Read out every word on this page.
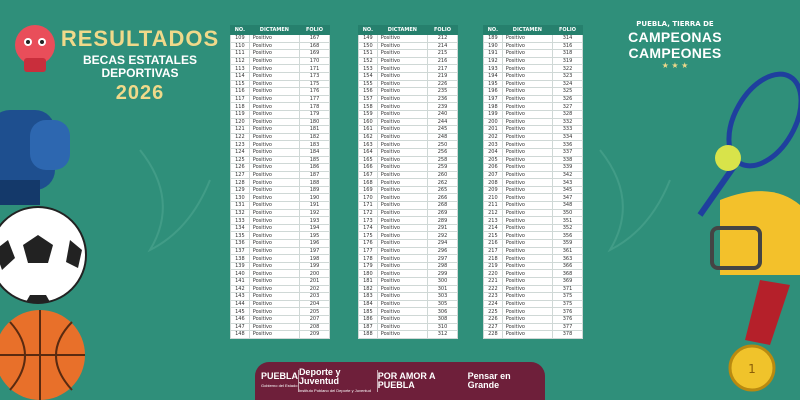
1
RESULTADOS
BECAS ESTATALES
DEPORTIVAS
2026
PUEBLA, TIERRA DE
CAMPEONAS CAMPEONES
★ ★ ★
NO.	DICTAMEN	FOLIO
109	Positivo	167
110	Positivo	168
111	Positivo	169
112	Positivo	170
113	Positivo	171
114	Positivo	173
115	Positivo	175
116	Positivo	176
117	Positivo	177
118	Positivo	178
119	Positivo	179
120	Positivo	180
121	Positivo	181
122	Positivo	182
123	Positivo	183
124	Positivo	184
125	Positivo	185
126	Positivo	186
127	Positivo	187
128	Positivo	188
129	Positivo	189
130	Positivo	190
131	Positivo	191
132	Positivo	192
133	Positivo	193
134	Positivo	194
135	Positivo	195
136	Positivo	196
137	Positivo	197
138	Positivo	198
139	Positivo	199
140	Positivo	200
141	Positivo	201
142	Positivo	202
143	Positivo	203
144	Positivo	204
145	Positivo	205
146	Positivo	207
147	Positivo	208
148	Positivo	209
NO.	DICTAMEN	FOLIO
149	Positivo	212
150	Positivo	214
151	Positivo	215
152	Positivo	216
153	Positivo	217
154	Positivo	219
155	Positivo	226
156	Positivo	235
157	Positivo	236
158	Positivo	239
159	Positivo	240
160	Positivo	244
161	Positivo	245
162	Positivo	248
163	Positivo	250
164	Positivo	256
165	Positivo	258
166	Positivo	259
167	Positivo	260
168	Positivo	262
169	Positivo	265
170	Positivo	266
171	Positivo	268
172	Positivo	269
173	Positivo	289
174	Positivo	291
175	Positivo	292
176	Positivo	294
177	Positivo	296
178	Positivo	297
179	Positivo	298
180	Positivo	299
181	Positivo	300
182	Positivo	301
183	Positivo	303
184	Positivo	305
185	Positivo	306
186	Positivo	308
187	Positivo	310
188	Positivo	312
NO.	DICTAMEN	FOLIO
189	Positivo	314
190	Positivo	316
191	Positivo	318
192	Positivo	319
193	Positivo	322
194	Positivo	323
195	Positivo	324
196	Positivo	325
197	Positivo	326
198	Positivo	327
199	Positivo	328
200	Positivo	332
201	Positivo	333
202	Positivo	334
203	Positivo	336
204	Positivo	337
205	Positivo	338
206	Positivo	339
207	Positivo	342
208	Positivo	343
209	Positivo	345
210	Positivo	347
211	Positivo	348
212	Positivo	350
213	Positivo	351
214	Positivo	352
215	Positivo	356
216	Positivo	359
217	Positivo	361
218	Positivo	363
219	Positivo	366
220	Positivo	368
221	Positivo	369
222	Positivo	371
223	Positivo	375
224	Positivo	375
225	Positivo	376
226	Positivo	376
227	Positivo	377
228	Positivo	378
PUEBLA
Gobierno del Estado
Deporte y Juventud
Instituto Poblano del Deporte y Juventud
POR AMOR A PUEBLA
Pensar en Grande
